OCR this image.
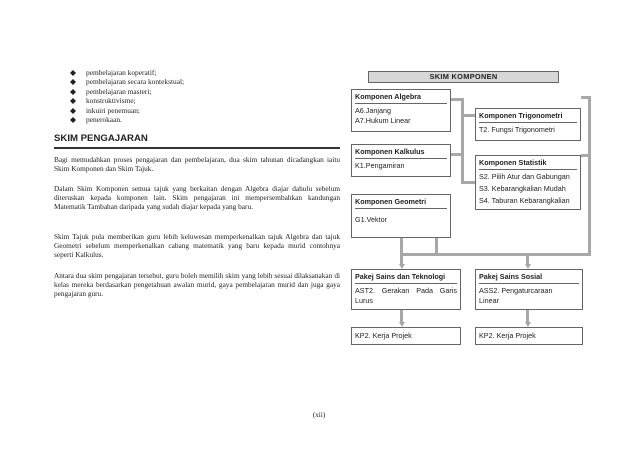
pembelajaran koperatif;
pembelajaran secara kontekstual;
pembelajaran masteri;
konstruktivisme;
inkuiri penemuan;
penerokaan.
SKIM PENGAJARAN

Bagi memudahkan proses pengajaran dan pembelajaran, dua skim tahunan dicadangkan iaitu Skim Komponen dan Skim Tajuk.

Dalam Skim Komponen semua tajuk yang berkaitan dengan Algebra diajar dahulu sebelum diteruskan kepada komponen lain. Skim pengajaran ini mempersembahkan kandungan Matematik Tambahan daripada yang sudah diajar kepada yang baru.

Skim Tajuk pula memberikan guru lebih keluwesan memperkenalkan tajuk Algebra dan tajuk Geometri sebelum memperkenalkan cabang matematik yang baru kepada murid contohnya seperti Kalkulus.

Antara dua skim pengajaran tersebut, guru boleh memilih skim yang lebih sesuai dilaksanakan di kelas mereka berdasarkan pengetahuan awalan murid, gaya pembelajaran murid dan juga gaya pengajaran guru.

(xii)
SKIM KOMPONEN
Komponen Algebra
A6.Janjang
A7.Hukum Linear
Komponen Kalkulus
K1.Pengamiran
Komponen Geometri
G1.Vektor
Komponen Trigonometri
T2. Fungsi Trigonometri
Komponen Statistik
S2. Pilih Atur dan Gabungan
S3. Kebarangkalian Mudah
S4. Taburan Kebarangkalian
Pakej Sains dan Teknologi
AST2. Gerakan Pada Garis
Lurus
Pakej Sains Sosial
ASS2. Pengaturcaraan
Linear
KP2. Kerja Projek	KP2. Kerja Projek
